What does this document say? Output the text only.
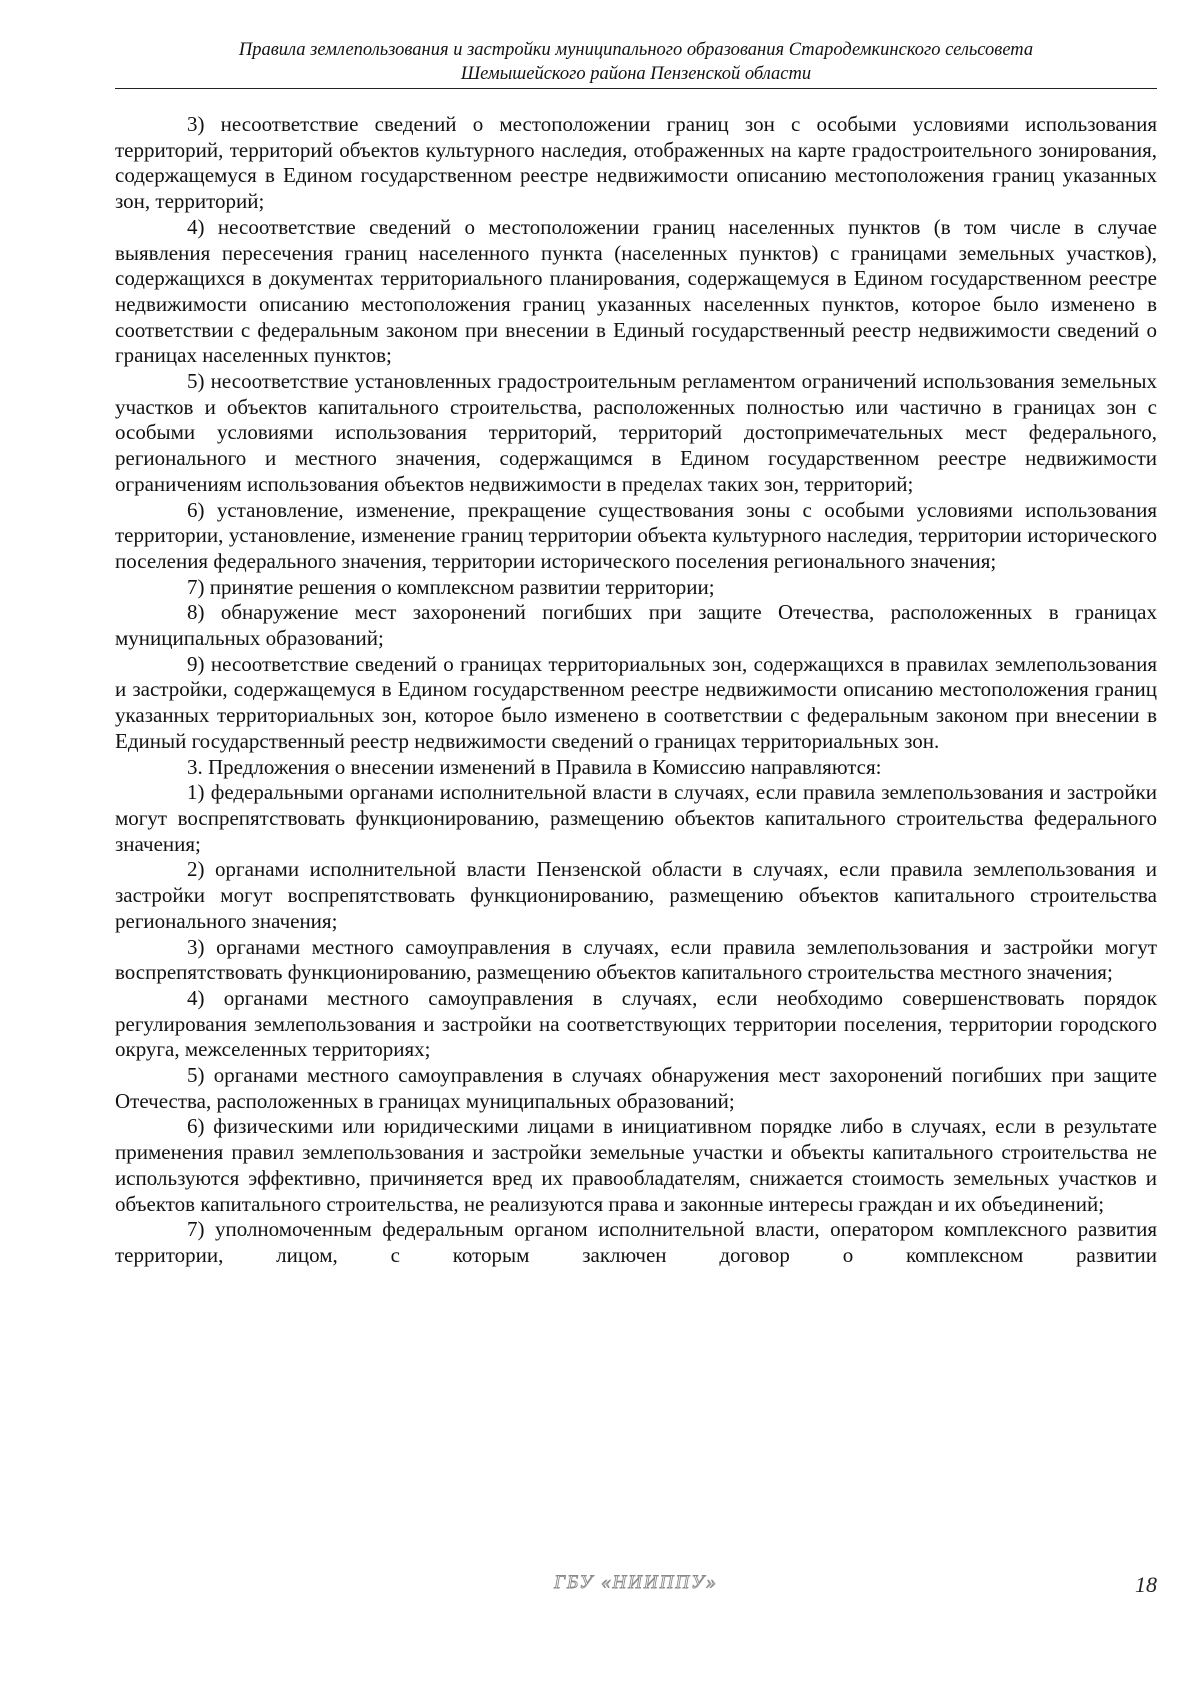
Правила землепользования и застройки муниципального образования Стародемкинского сельсовета
Шемышейского района Пензенской области

3) несоответствие сведений о местоположении границ зон с особыми условиями использования территорий, территорий объектов культурного наследия, отображенных на карте градостроительного зонирования, содержащемуся в Едином государственном реестре недвижимости описанию местоположения границ указанных зон, территорий;

4) несоответствие сведений о местоположении границ населенных пунктов (в том числе в случае выявления пересечения границ населенного пункта (населенных пунктов) с границами земельных участков), содержащихся в документах территориального планирования, содержащемуся в Едином государственном реестре недвижимости описанию местоположения границ указанных населенных пунктов, которое было изменено в соответствии с федеральным законом при внесении в Единый государственный реестр недвижимости сведений о границах населенных пунктов;

5) несоответствие установленных градостроительным регламентом ограничений использования земельных участков и объектов капитального строительства, расположенных полностью или частично в границах зон с особыми условиями использования территорий, территорий достопримечательных мест федерального, регионального и местного значения, содержащимся в Едином государственном реестре недвижимости ограничениям использования объектов недвижимости в пределах таких зон, территорий;

6) установление, изменение, прекращение существования зоны с особыми условиями использования территории, установление, изменение границ территории объекта культурного наследия, территории исторического поселения федерального значения, территории исторического поселения регионального значения;

7) принятие решения о комплексном развитии территории;

8) обнаружение мест захоронений погибших при защите Отечества, расположенных в границах муниципальных образований;

9) несоответствие сведений о границах территориальных зон, содержащихся в правилах землепользования и застройки, содержащемуся в Едином государственном реестре недвижимости описанию местоположения границ указанных территориальных зон, которое было изменено в соответствии с федеральным законом при внесении в Единый государственный реестр недвижимости сведений о границах территориальных зон.

3. Предложения о внесении изменений в Правила в Комиссию направляются:

1) федеральными органами исполнительной власти в случаях, если правила землепользования и застройки могут воспрепятствовать функционированию, размещению объектов капитального строительства федерального значения;

2) органами исполнительной власти Пензенской области в случаях, если правила землепользования и застройки могут воспрепятствовать функционированию, размещению объектов капитального строительства регионального значения;

3) органами местного самоуправления в случаях, если правила землепользования и застройки могут воспрепятствовать функционированию, размещению объектов капитального строительства местного значения;

4) органами местного самоуправления в случаях, если необходимо совершенствовать порядок регулирования землепользования и застройки на соответствующих территории поселения, территории городского округа, межселенных территориях;

5) органами местного самоуправления в случаях обнаружения мест захоронений погибших при защите Отечества, расположенных в границах муниципальных образований;

6) физическими или юридическими лицами в инициативном порядке либо в случаях, если в результате применения правил землепользования и застройки земельные участки и объекты капитального строительства не используются эффективно, причиняется вред их правообладателям, снижается стоимость земельных участков и объектов капитального строительства, не реализуются права и законные интересы граждан и их объединений;

7) уполномоченным федеральным органом исполнительной власти, оператором комплексного развития территории, лицом, с которым заключен договор о комплексном развитии

ГБУ «НИИППУ»	18
